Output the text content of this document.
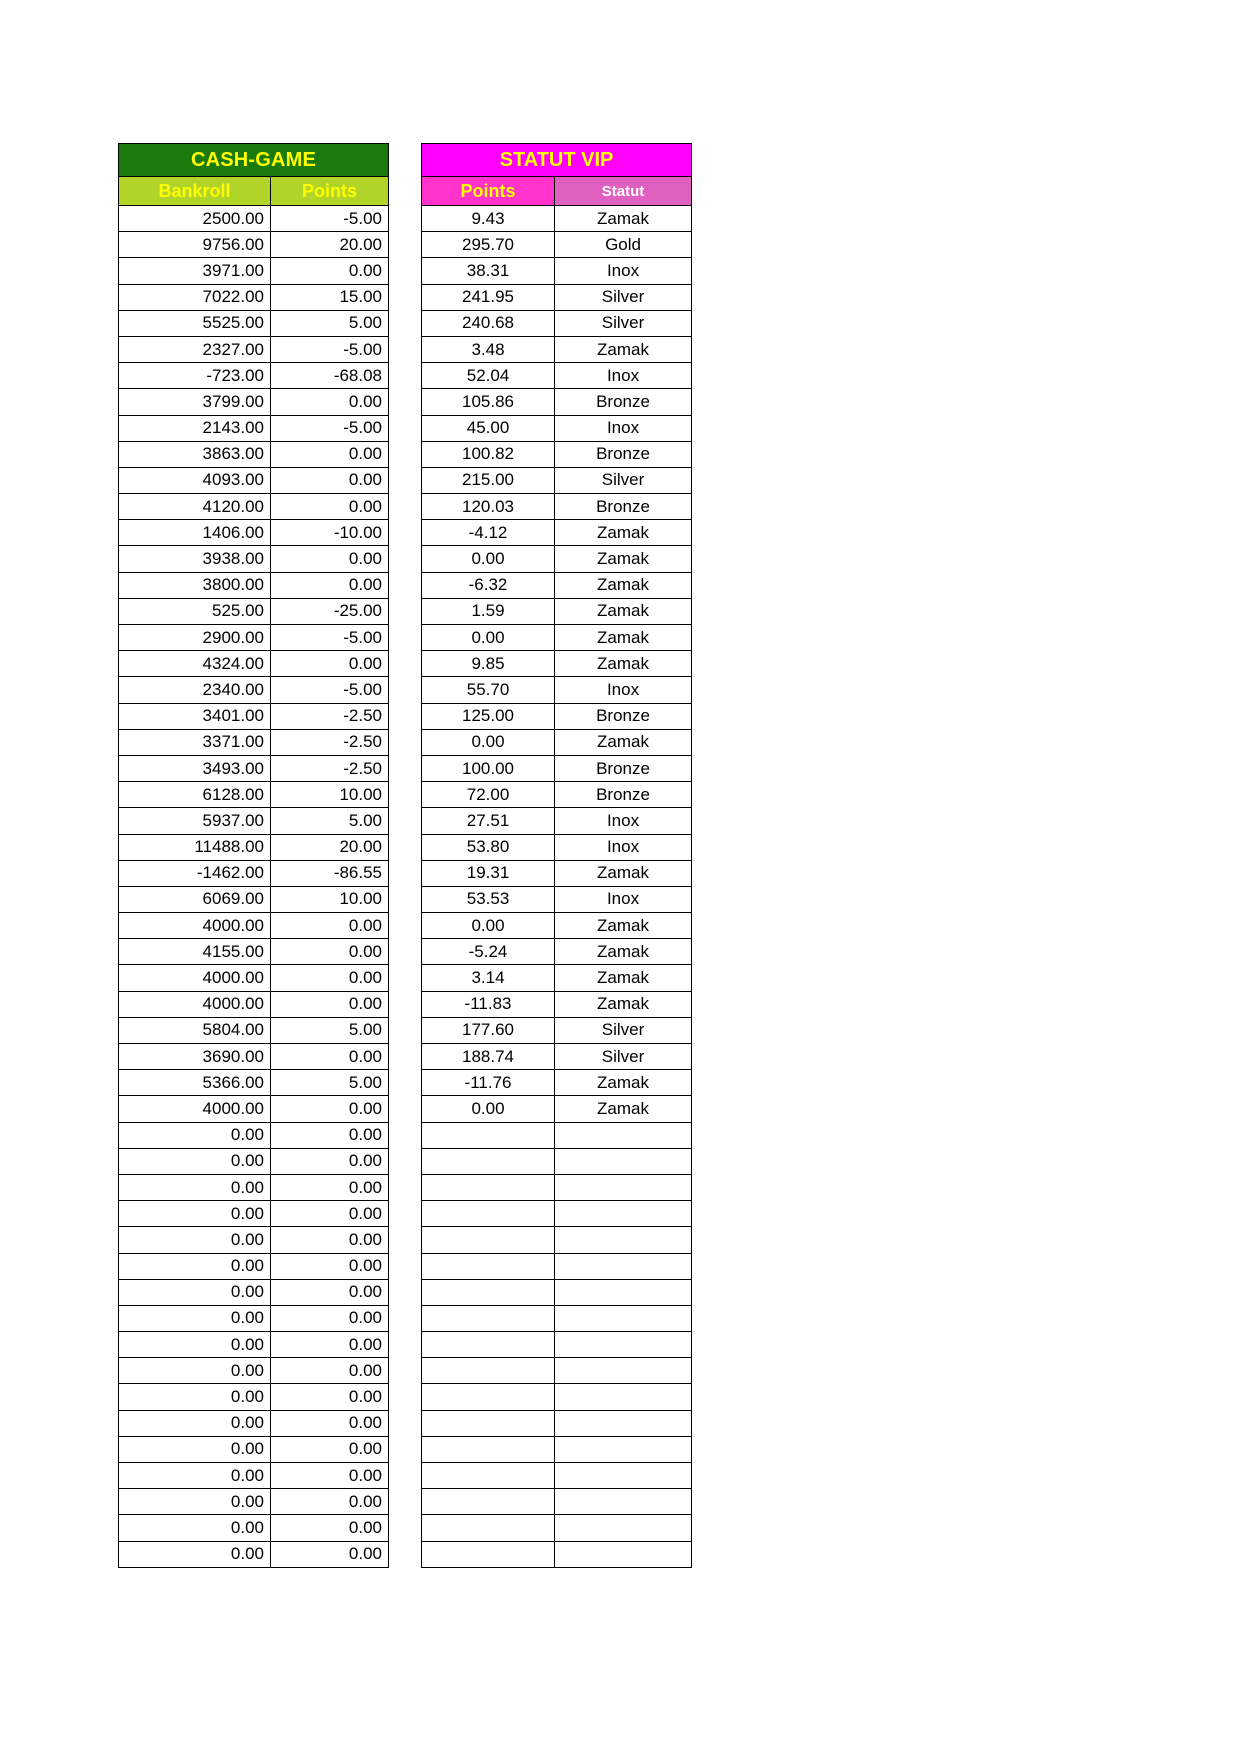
CASH-GAME	
Bankroll	Points
2500.00	-5.00
9756.00	20.00
3971.00	0.00
7022.00	15.00
5525.00	5.00
2327.00	-5.00
-723.00	-68.08
3799.00	0.00
2143.00	-5.00
3863.00	0.00
4093.00	0.00
4120.00	0.00
1406.00	-10.00
3938.00	0.00
3800.00	0.00
525.00	-25.00
2900.00	-5.00
4324.00	0.00
2340.00	-5.00
3401.00	-2.50
3371.00	-2.50
3493.00	-2.50
6128.00	10.00
5937.00	5.00
11488.00	20.00
-1462.00	-86.55
6069.00	10.00
4000.00	0.00
4155.00	0.00
4000.00	0.00
4000.00	0.00
5804.00	5.00
3690.00	0.00
5366.00	5.00
4000.00	0.00
0.00	0.00
0.00	0.00
0.00	0.00
0.00	0.00
0.00	0.00
0.00	0.00
0.00	0.00
0.00	0.00
0.00	0.00
0.00	0.00
0.00	0.00
0.00	0.00
0.00	0.00
0.00	0.00
0.00	0.00
0.00	0.00
0.00	0.00
STATUT VIP	
Points	Statut
9.43	Zamak
295.70	Gold
38.31	Inox
241.95	Silver
240.68	Silver
3.48	Zamak
52.04	Inox
105.86	Bronze
45.00	Inox
100.82	Bronze
215.00	Silver
120.03	Bronze
-4.12	Zamak
0.00	Zamak
-6.32	Zamak
1.59	Zamak
0.00	Zamak
9.85	Zamak
55.70	Inox
125.00	Bronze
0.00	Zamak
100.00	Bronze
72.00	Bronze
27.51	Inox
53.80	Inox
19.31	Zamak
53.53	Inox
0.00	Zamak
-5.24	Zamak
3.14	Zamak
-11.83	Zamak
177.60	Silver
188.74	Silver
-11.76	Zamak
0.00	Zamak
